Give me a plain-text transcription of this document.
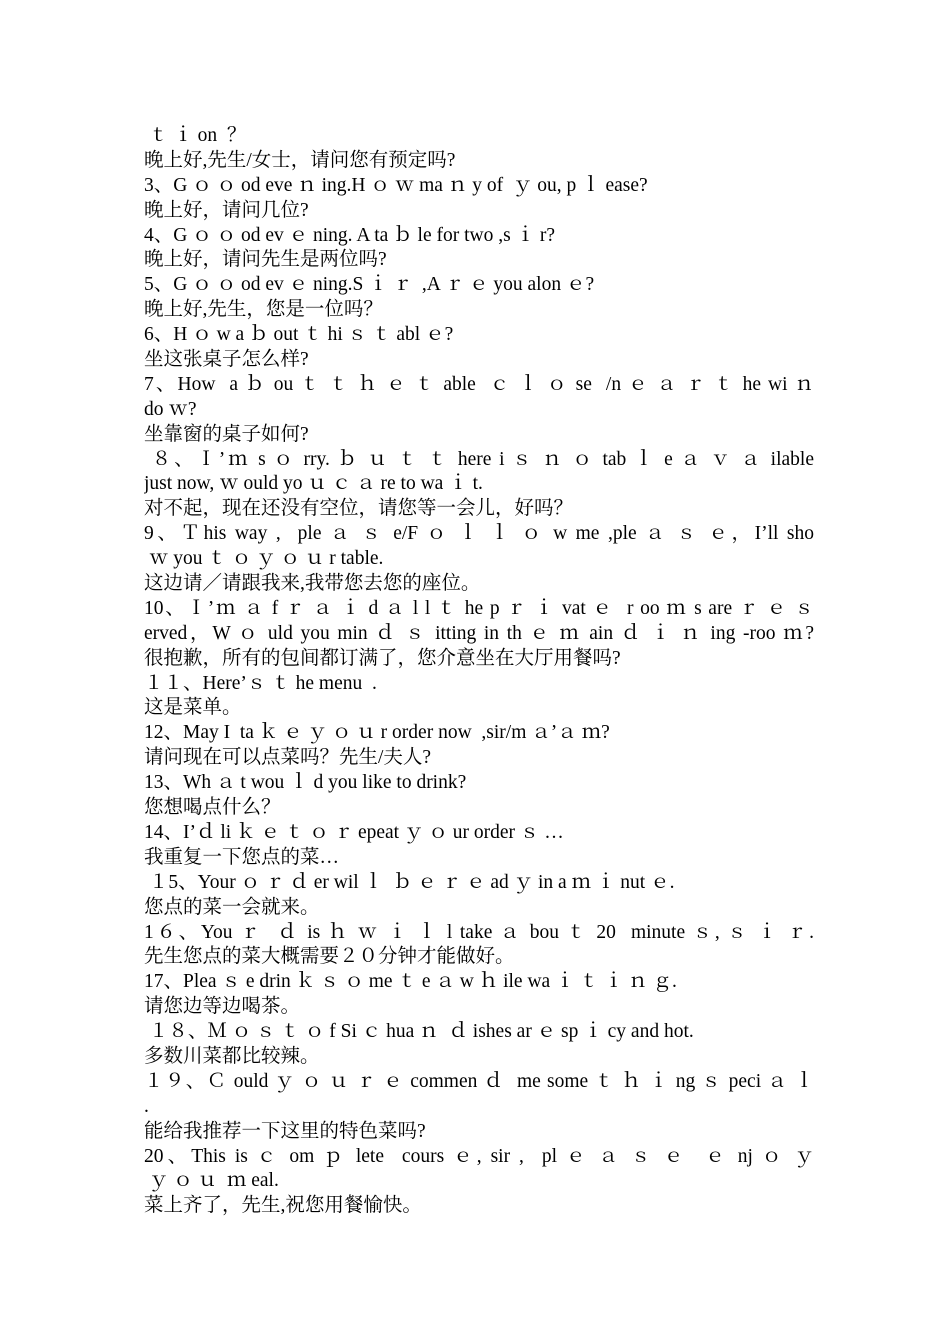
ｔ ｉ on  ？
晚上好,先生/女士，请问您有预定吗?
3、G ｏ ｏ od eve ｎ ing.H ｏ ｗ ma ｎ y of  ｙ ou, p ｌ ease?
晚上好，请问几位?
4、G ｏ ｏ od ev ｅ ning. A ta ｂ le for two ,s ｉ r?
晚上好，请问先生是两位吗?
5、G ｏ ｏ od ev ｅ ning.S ｉ ｒ  ,A ｒ ｅ you alon ｅ?
晚上好,先生，您是一位吗？
6、H ｏ w a ｂ out ｔ hi ｓ ｔ abl ｅ?
坐这张桌子怎么样?
7、How  a ｂ ou ｔ ｔ ｈ ｅ ｔ able  ｃ ｌ ｏ se  /n ｅ ａ ｒ ｔ he wi ｎ
do ｗ?
坐靠窗的桌子如何?
８、Ｉ’ｍ s ｏ rry. ｂ ｕ ｔ ｔ here i ｓ ｎ ｏ tab ｌ e ａ ｖ ａ ilable
just now, ｗ ould yo ｕ ｃ ａ re to wa ｉ t.
对不起，现在还没有空位，请您等一会儿，好吗？
9、Ｔhis way ,  ple ａ ｓ e/F ｏ ｌ ｌ ｏ w me ,ple ａ ｓ ｅ，I’ll sho
ｗ you ｔ ｏ ｙ ｏ ｕ r table.
这边请／请跟我来,我带您去您的座位。
10、Ｉ’ｍ ａ f ｒ ａ ｉ d ａ l l ｔ he p ｒ ｉ vat ｅ  r oo ｍ s are ｒ ｅ ｓ
erved，W ｏ uld you min ｄ ｓ itting in th ｅ ｍ ain ｄ ｉ ｎ ing -roo ｍ?
很抱歉，所有的包间都订满了，您介意坐在大厅用餐吗?
１１、Here’ｓ ｔ he menu  .
这是菜单。
12、May I  ta ｋ ｅ ｙ ｏ ｕ r order now  ,sir/m ａ’ａ ｍ?
请问现在可以点菜吗？先生/夫人?
13、Wh ａ t wou ｌ d you like to drink?
您想喝点什么？
14、I’ｄ li ｋ ｅ ｔ ｏ ｒ epeat ｙ ｏ ur order ｓ …
我重复一下您点的菜…
１5、Your ｏ ｒ ｄ er wil ｌ  ｂ ｅ ｒ ｅ ad ｙ in a ｍ ｉ nut ｅ.
您点的菜一会就来。
1６、You ｒ  ｄ is ｈ ｗ ｉ ｌ l take ａ bou ｔ 20  minute ｓ, ｓ ｉ ｒ.
先生您点的菜大概需要２０分钟才能做好。
17、Plea ｓ e drin ｋ ｓ ｏ me ｔ e ａ w ｈ ile wa ｉ ｔ ｉ ｎ ｇ.
请您边等边喝茶。
１８、Ｍ ｏ ｓ ｔ ｏ f Si ｃ hua ｎ  ｄ ishes ar ｅ sp ｉ cy and hot.
多数川菜都比较辣。
１９、Ｃ ould ｙ ｏ ｕ ｒ ｅ commen ｄ  me some ｔ ｈ ｉ ng ｓ peci ａ ｌ
.
能给我推荐一下这里的特色菜吗?
20、This is ｃ om ｐ lete  cours ｅ, sir ,  pl ｅ ａ ｓ ｅ  ｅ nj ｏ ｙ
ｙ ｏ ｕ  ｍ eal.
菜上齐了，先生,祝您用餐愉快。
